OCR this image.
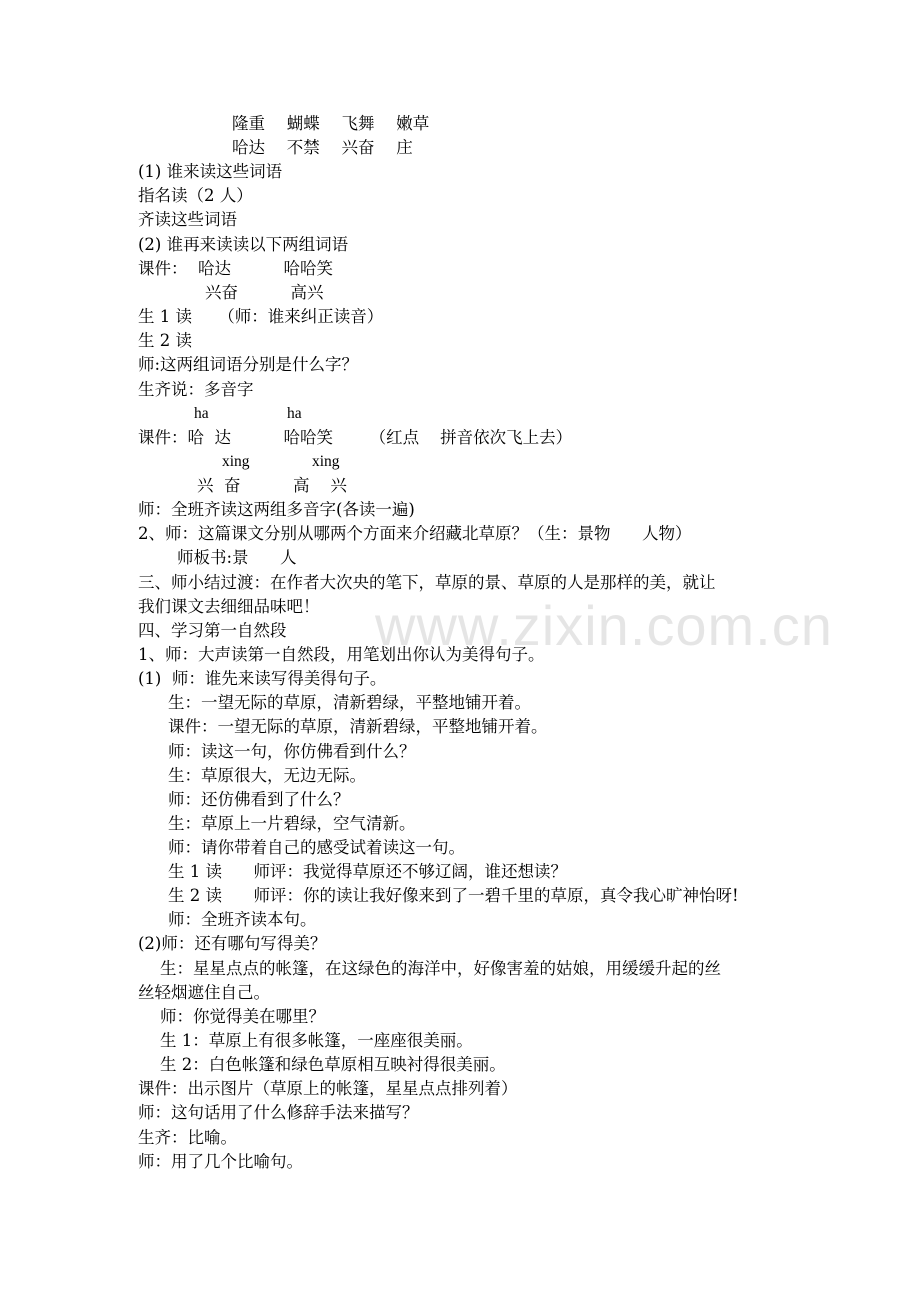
www.zixin.com.cn
隆重　 蝴蝶　 飞舞　 嫩草
哈达　 不禁　 兴奋　 庄
(1) 谁来读这些词语
指名读（2 人）
齐读这些词语
(2) 谁再来读读以下两组词语
课件：  哈达          哈哈笑
兴奋          高兴
生 1 读     （师：谁来纠正读音）
生 2 读
师:这两组词语分别是什么字？
生齐说：多音字
ha	ha
课件：哈  达          哈哈笑       （红点    拼音依次飞上去）
xing	xing
兴  奋          高    兴
师：全班齐读这两组多音字(各读一遍)
2、师：这篇课文分别从哪两个方面来介绍藏北草原？（生：景物      人物）
师板书:景      人
三、师小结过渡：在作者大次央的笔下，草原的景、草原的人是那样的美，就让
我们课文去细细品味吧！
四、学习第一自然段
1、师：大声读第一自然段，用笔划出你认为美得句子。
(1)  师：谁先来读写得美得句子。
生：一望无际的草原，清新碧绿，平整地铺开着。
课件：一望无际的草原，清新碧绿，平整地铺开着。
师：读这一句，你仿佛看到什么？
生：草原很大，无边无际。
师：还仿佛看到了什么？
生：草原上一片碧绿，空气清新。
师：请你带着自己的感受试着读这一句。
生 1 读      师评：我觉得草原还不够辽阔，谁还想读？
生 2 读      师评：你的读让我好像来到了一碧千里的草原，真令我心旷神怡呀!
师：全班齐读本句。
(2)师：还有哪句写得美？
生：星星点点的帐篷，在这绿色的海洋中，好像害羞的姑娘，用缓缓升起的丝
丝轻烟遮住自己。
师：你觉得美在哪里？
生 1：草原上有很多帐篷，一座座很美丽。
生 2：白色帐篷和绿色草原相互映衬得很美丽。
课件：出示图片（草原上的帐篷，星星点点排列着）
师：这句话用了什么修辞手法来描写？
生齐：比喻。
师：用了几个比喻句。
